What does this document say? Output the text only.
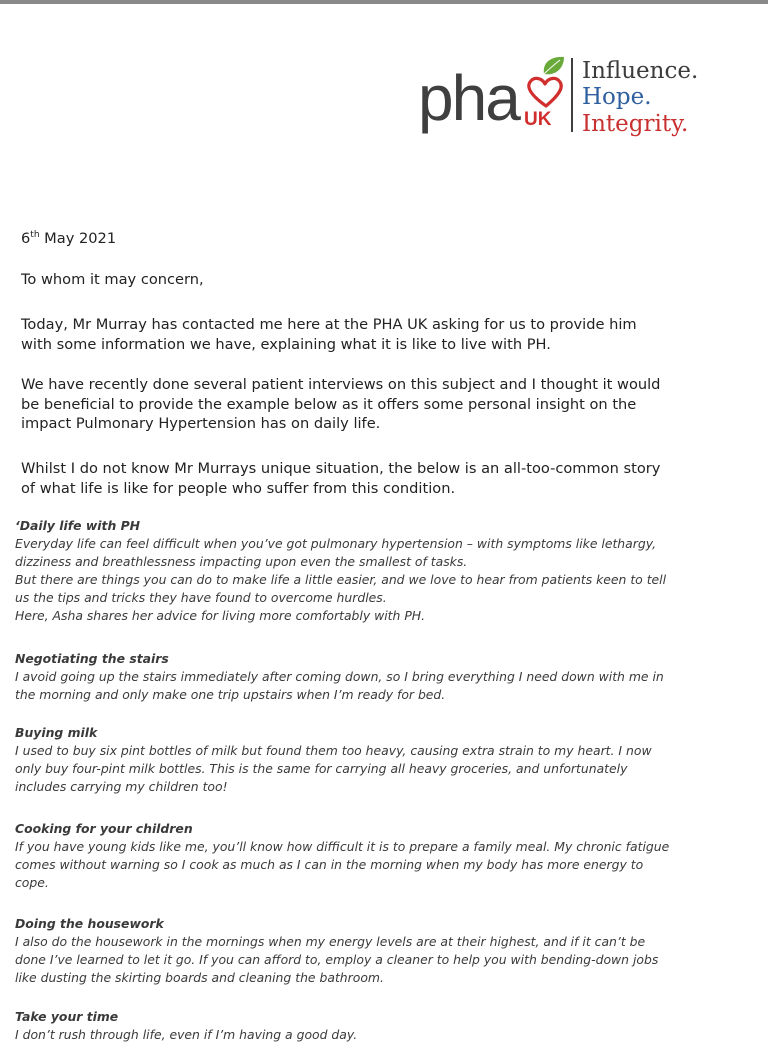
pha UK
Influence.
Hope.
Integrity.

6th May 2021

To whom it may concern,

Today, Mr Murray has contacted me here at the PHA UK asking for us to provide him with some information we have, explaining what it is like to live with PH.

We have recently done several patient interviews on this subject and I thought it would be beneficial to provide the example below as it offers some personal insight on the impact Pulmonary Hypertension has on daily life.

Whilst I do not know Mr Murrays unique situation, the below is an all-too-common story of what life is like for people who suffer from this condition.

‘Daily life with PH

Everyday life can feel difficult when you’ve got pulmonary hypertension – with symptoms like lethargy, dizziness and breathlessness impacting upon even the smallest of tasks.

But there are things you can do to make life a little easier, and we love to hear from patients keen to tell us the tips and tricks they have found to overcome hurdles.

Here, Asha shares her advice for living more comfortably with PH.

Negotiating the stairs

I avoid going up the stairs immediately after coming down, so I bring everything I need down with me in the morning and only make one trip upstairs when I’m ready for bed.

Buying milk

I used to buy six pint bottles of milk but found them too heavy, causing extra strain to my heart. I now only buy four-pint milk bottles. This is the same for carrying all heavy groceries, and unfortunately includes carrying my children too!

Cooking for your children

If you have young kids like me, you’ll know how difficult it is to prepare a family meal. My chronic fatigue comes without warning so I cook as much as I can in the morning when my body has more energy to cope.

Doing the housework

I also do the housework in the mornings when my energy levels are at their highest, and if it can’t be done I’ve learned to let it go. If you can afford to, employ a cleaner to help you with bending-down jobs like dusting the skirting boards and cleaning the bathroom.

Take your time

I don’t rush through life, even if I’m having a good day.
